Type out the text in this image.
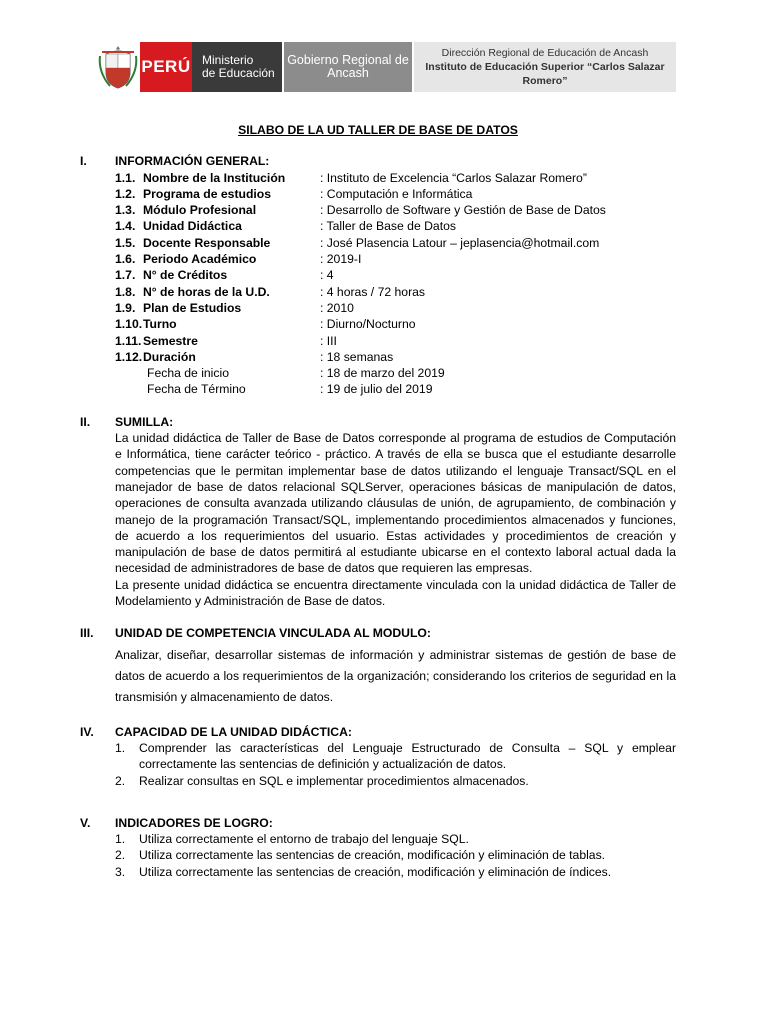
PERÚ Ministerio
de Educación
Gobierno Regional de
Ancash
Dirección Regional de Educación de Ancash
Instituto de Educación Superior “Carlos Salazar Romero”
SILABO DE LA UD TALLER DE BASE DE DATOS
I.	INFORMACIÓN GENERAL:
1.1. Nombre de la Institución	: Instituto de Excelencia “Carlos Salazar Romero”
1.2. Programa de estudios	: Computación e Informática
1.3. Módulo Profesional	: Desarrollo de Software y Gestión de Base de Datos
1.4. Unidad Didáctica	: Taller de Base de Datos
1.5. Docente Responsable	: José Plasencia Latour – jeplasencia@hotmail.com
1.6. Periodo Académico	: 2019-I
1.7. N° de Créditos	: 4
1.8. N° de horas de la U.D.	: 4 horas / 72 horas
1.9. Plan de Estudios	: 2010
1.10. Turno	: Diurno/Nocturno
1.11. Semestre	: III
1.12. Duración	: 18 semanas
Fecha de inicio	: 18 de marzo del 2019
Fecha de Término	: 19 de julio del 2019
II.	SUMILLA:
La unidad didáctica de Taller de Base de Datos corresponde al programa de estudios de Computación e Informática, tiene carácter teórico - práctico. A través de ella se busca que el estudiante desarrolle competencias que le permitan implementar base de datos utilizando el lenguaje Transact/SQL en el manejador de base de datos relacional SQLServer, operaciones básicas de manipulación de datos, operaciones de consulta avanzada utilizando cláusulas de unión, de agrupamiento, de combinación y manejo de la programación Transact/SQL, implementando procedimientos almacenados y funciones, de acuerdo a los requerimientos del usuario. Estas actividades y procedimientos de creación y manipulación de base de datos permitirá al estudiante ubicarse en el contexto laboral actual dada la necesidad de administradores de base de datos que requieren las empresas.
La presente unidad didáctica se encuentra directamente vinculada con la unidad didáctica de Taller de Modelamiento y Administración de Base de datos.
III.	UNIDAD DE COMPETENCIA VINCULADA AL MODULO:
Analizar, diseñar, desarrollar sistemas de información y administrar sistemas de gestión de base de datos de acuerdo a los requerimientos de la organización; considerando los criterios de seguridad en la transmisión y almacenamiento de datos.
IV.	CAPACIDAD DE LA UNIDAD DIDÁCTICA:
1.	Comprender las características del Lenguaje Estructurado de Consulta – SQL y emplear correctamente las sentencias de definición y actualización de datos.
2.	Realizar consultas en SQL e implementar procedimientos almacenados.
V.	INDICADORES DE LOGRO:
1.	Utiliza correctamente el entorno de trabajo del lenguaje SQL.
2.	Utiliza correctamente las sentencias de creación, modificación y eliminación de tablas.
3.	Utiliza correctamente las sentencias de creación, modificación y eliminación de índices.
